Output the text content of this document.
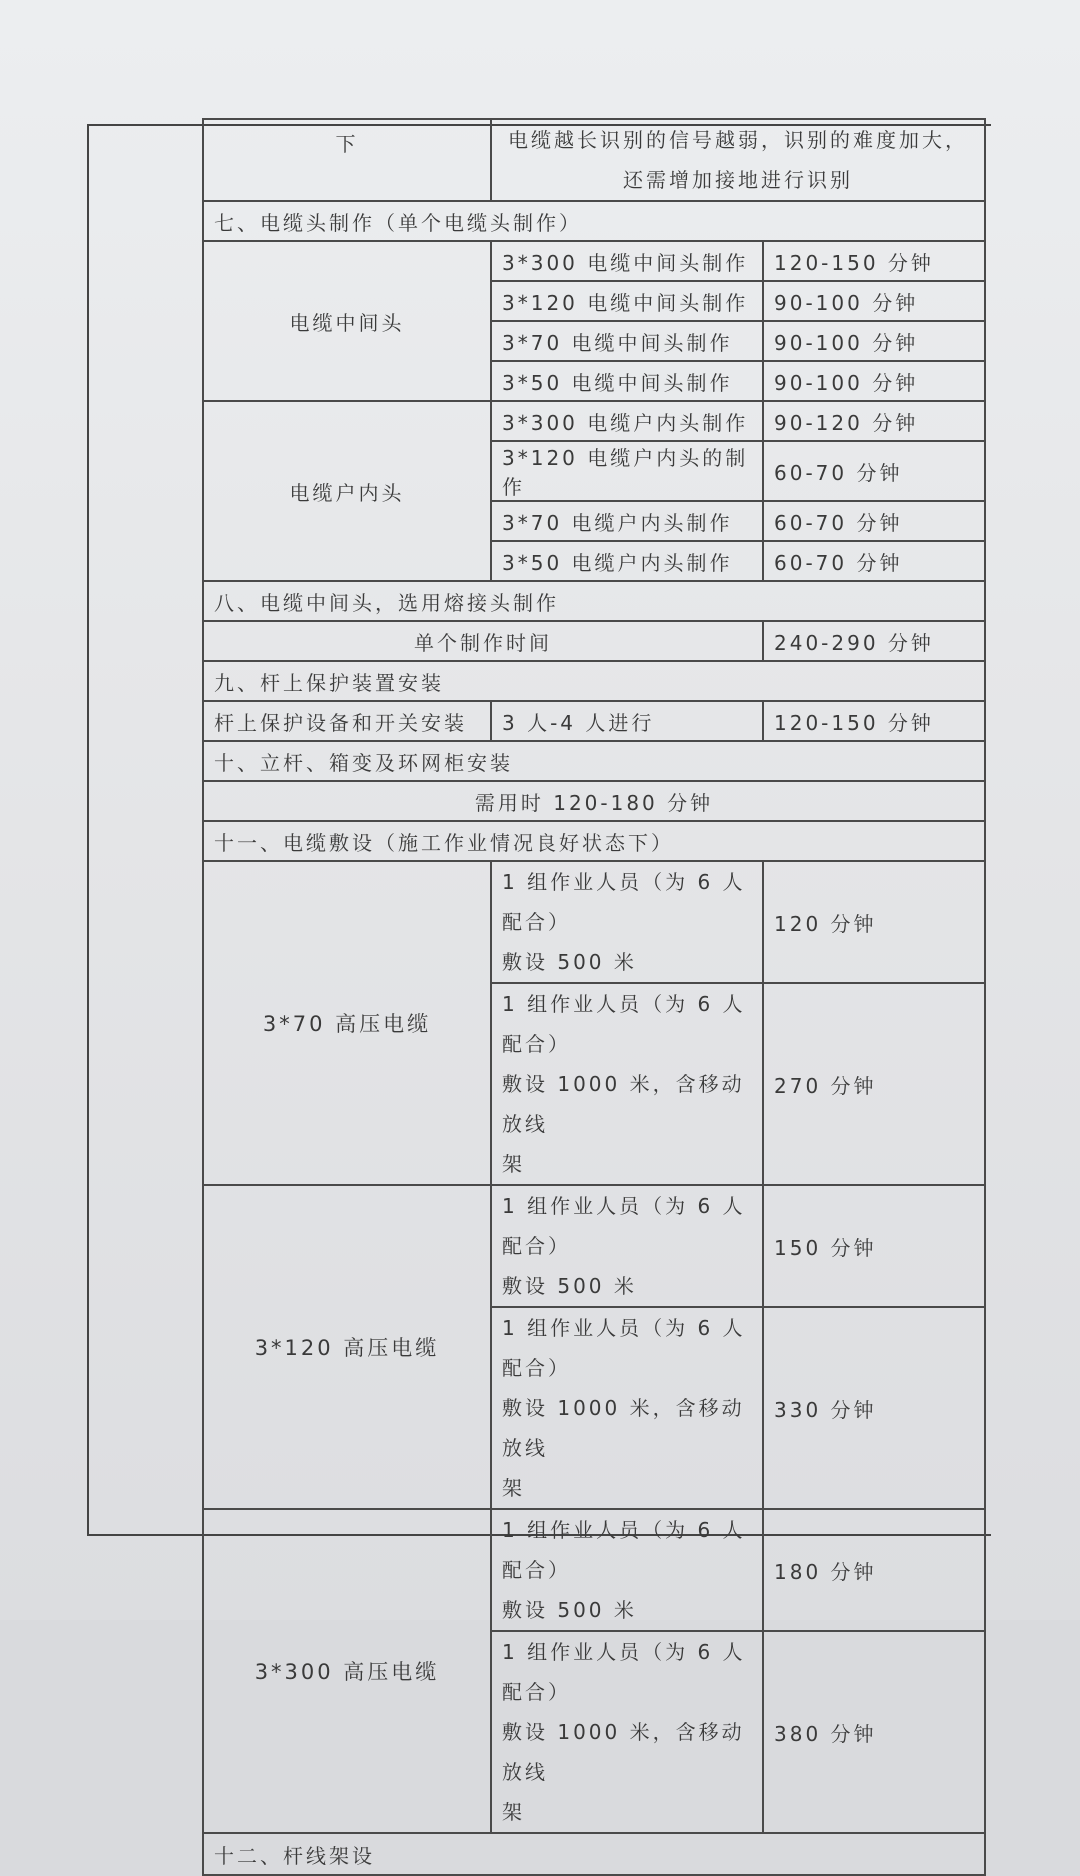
下	电缆越长识别的信号越弱，识别的难度加大，
还需增加接地进行识别	

七、电缆头制作（单个电缆头制作）		
电缆中间头	3*300 电缆中间头制作	120-150 分钟
	3*120 电缆中间头制作	90-100 分钟
	3*70 电缆中间头制作	90-100 分钟
	3*50 电缆中间头制作	90-100 分钟
电缆户内头	3*300 电缆户内头制作	90-120 分钟
	3*120 电缆户内头的制作	60-70 分钟
	3*70 电缆户内头制作	60-70 分钟
	3*50 电缆户内头制作	60-70 分钟
八、电缆中间头，选用熔接头制作		
单个制作时间		240-290 分钟
九、杆上保护装置安装		
杆上保护设备和开关安装	3 人-4 人进行	120-150 分钟
十、立杆、箱变及环网柜安装		
需用时 120-180 分钟		
十一、电缆敷设（施工作业情况良好状态下）		
3*70 高压电缆	1 组作业人员（为 6 人配合）
敷设 500 米	120 分钟

	1 组作业人员（为 6 人配合）
敷设 1000 米，含移动放线
架	270 分钟
3*120 高压电缆	1 组作业人员（为 6 人配合）
敷设 500 米	150 分钟

	1 组作业人员（为 6 人配合）
敷设 1000 米，含移动放线
架	330 分钟
3*300 高压电缆	1 组作业人员（为 6 人配合）
敷设 500 米	180 分钟

	1 组作业人员（为 6 人配合）
敷设 1000 米，含移动放线
架	380 分钟
十二、杆线架设		
